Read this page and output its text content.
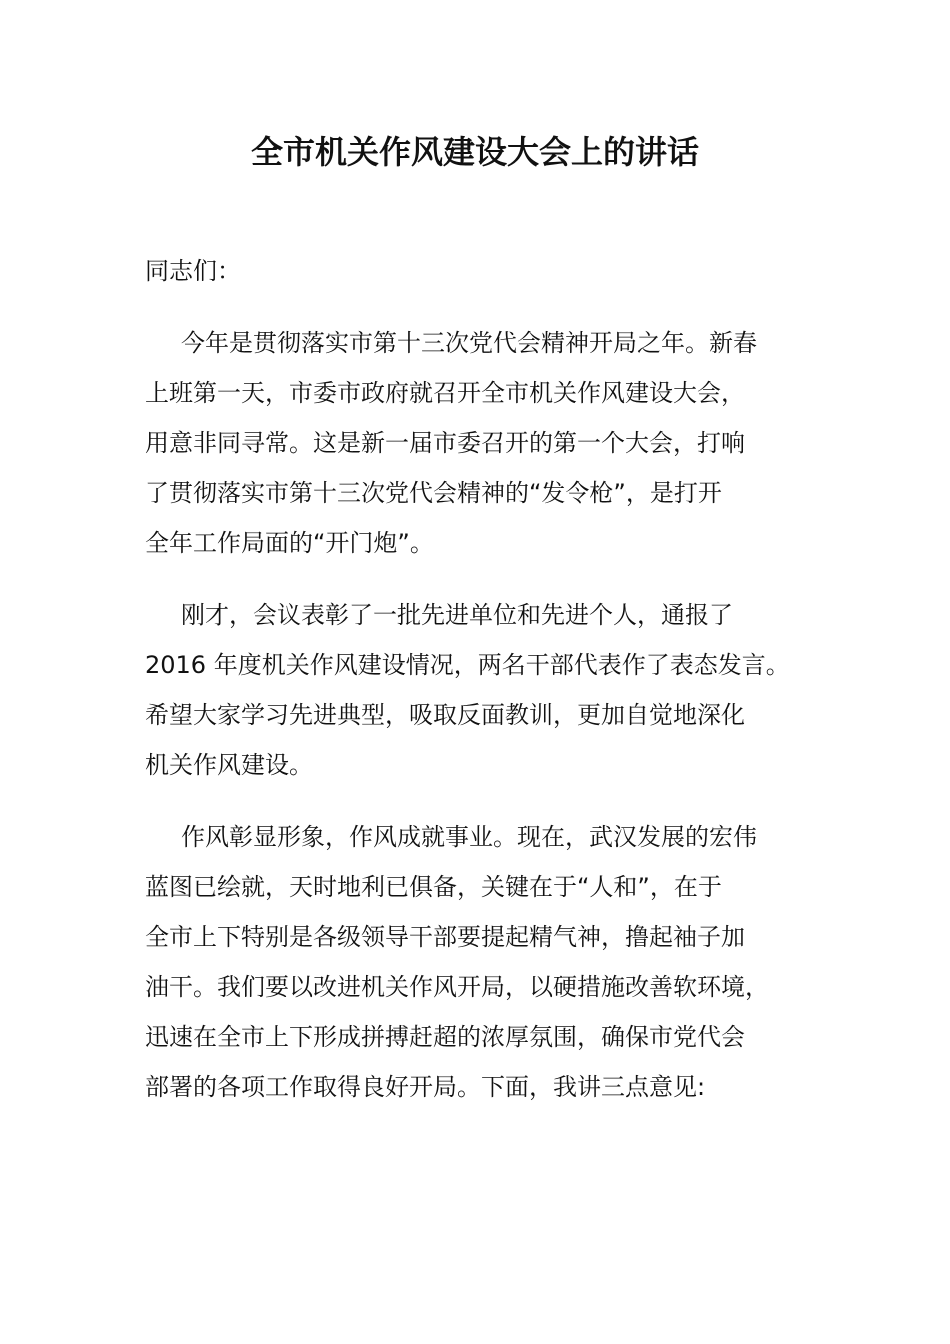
全市机关作风建设大会上的讲话
同志们：
今年是贯彻落实市第十三次党代会精神开局之年。新春
上班第一天，市委市政府就召开全市机关作风建设大会，
用意非同寻常。这是新一届市委召开的第一个大会，打响
了贯彻落实市第十三次党代会精神的“发令枪”，是打开
全年工作局面的“开门炮”。
刚才，会议表彰了一批先进单位和先进个人，通报了
2016 年度机关作风建设情况，两名干部代表作了表态发言。
希望大家学习先进典型，吸取反面教训，更加自觉地深化
机关作风建设。
作风彰显形象，作风成就事业。现在，武汉发展的宏伟
蓝图已绘就，天时地利已俱备，关键在于“人和”，在于
全市上下特别是各级领导干部要提起精气神，撸起袖子加
油干。我们要以改进机关作风开局，以硬措施改善软环境，
迅速在全市上下形成拼搏赶超的浓厚氛围，确保市党代会
部署的各项工作取得良好开局。下面，我讲三点意见:
